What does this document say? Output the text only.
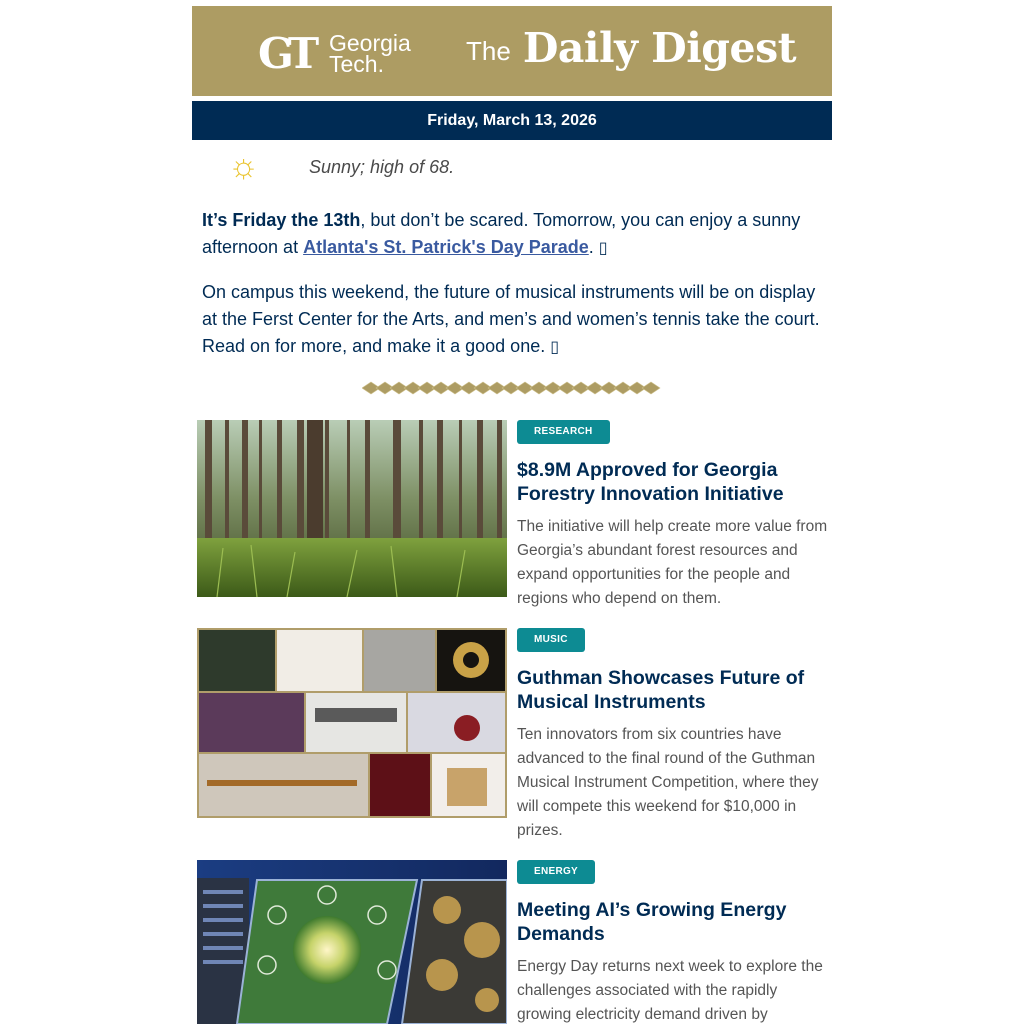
GT Georgia
Tech.	The Daily Digest
Friday, March 13, 2026
☼	Sunny; high of 68.

It’s Friday the 13th, but don’t be scared. Tomorrow, you can enjoy a sunny afternoon at Atlanta's St. Patrick's Day Parade. ▯

On campus this weekend, the future of musical instruments will be on display at the Ferst Center for the Arts, and men’s and women’s tennis take the court. Read on for more, and make it a good one. ▯

RESEARCH
$8.9M Approved for Georgia Forestry Innovation Initiative

The initiative will help create more value from Georgia’s abundant forest resources and expand opportunities for the people and regions who depend on them.

MUSIC
Guthman Showcases Future of Musical Instruments

Ten innovators from six countries have advanced to the final round of the Guthman Musical Instrument Competition, where they will compete this weekend for $10,000 in prizes.

ENERGY
Meeting AI’s Growing Energy Demands

Energy Day returns next week to explore the challenges associated with the rapidly growing electricity demand driven by
